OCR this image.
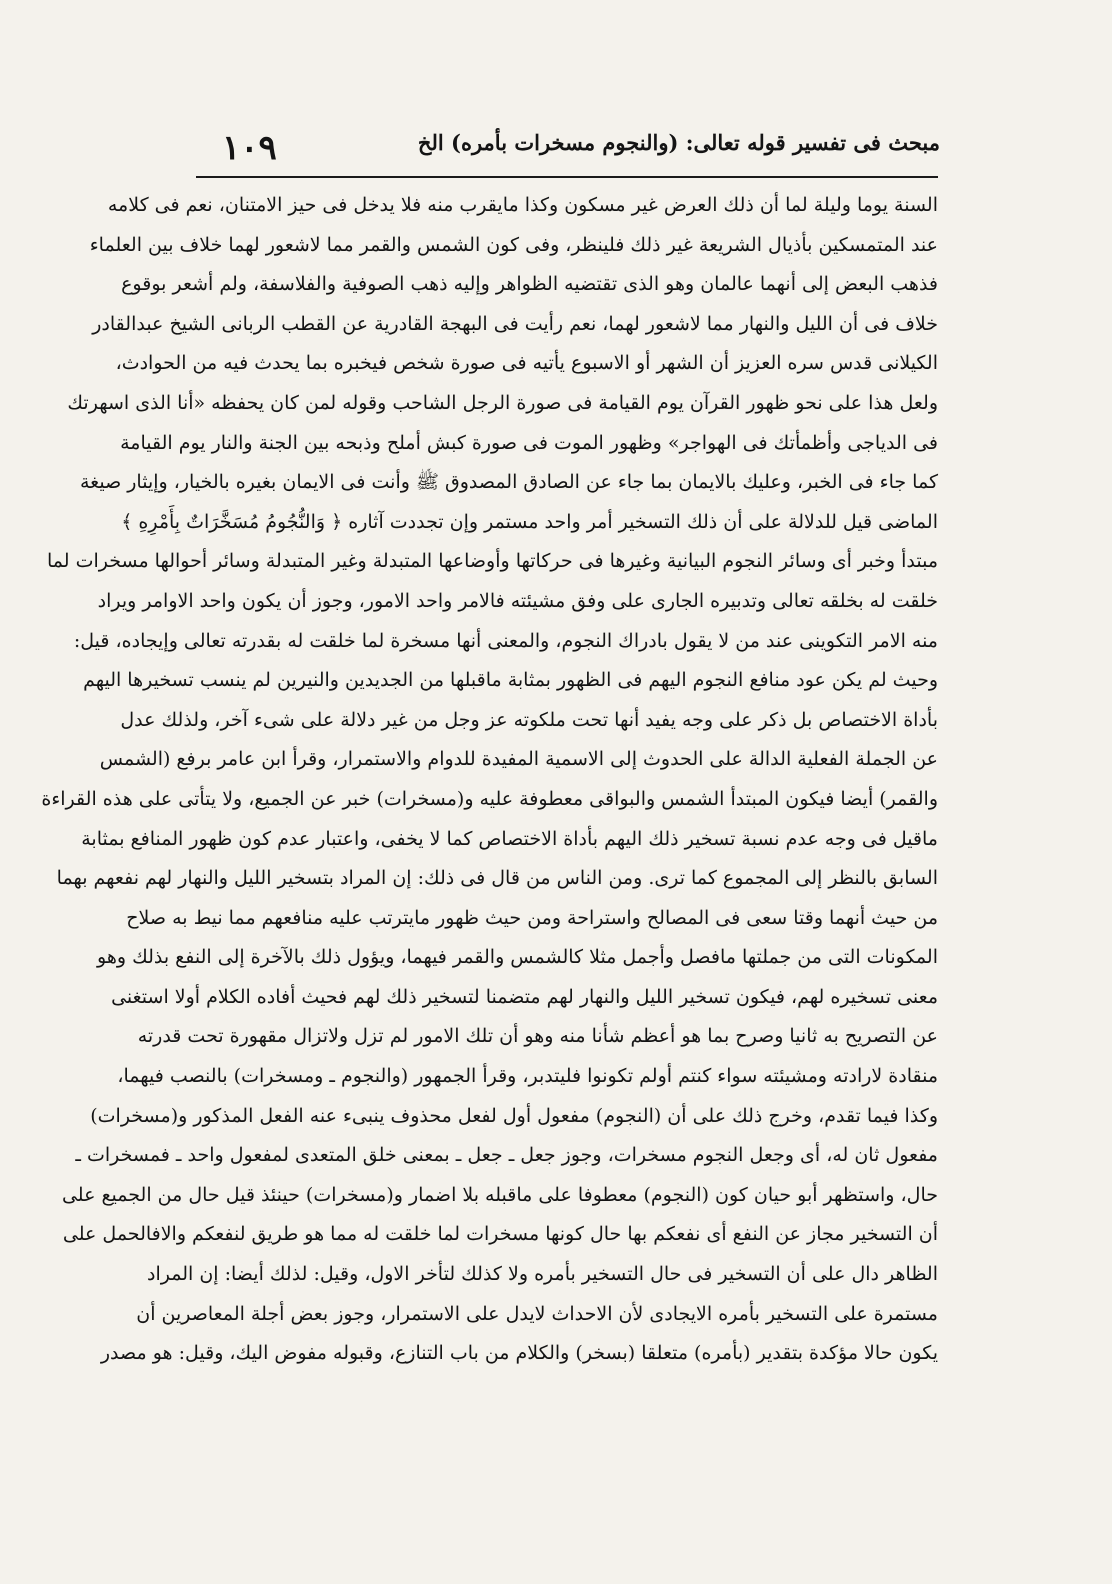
مبحث فى تفسير قوله تعالى: (والنجوم مسخرات بأمره) الخ
١٠٩
السنة يوما وليلة لما أن ذلك العرض غير مسكون وكذا مايقرب منه فلا يدخل فى حيز الامتنان، نعم فى كلامه
عند المتمسكين بأذيال الشريعة غير ذلك فلينظر، وفى كون الشمس والقمر مما لاشعور لهما خلاف بين العلماء
فذهب البعض إلى أنهما عالمان وهو الذى تقتضيه الظواهر وإليه ذهب الصوفية والفلاسفة، ولم أشعر بوقوع
خلاف فى أن الليل والنهار مما لاشعور لهما، نعم رأيت فى البهجة القادرية عن القطب الربانى الشيخ عبدالقادر
الكيلانى قدس سره العزيز أن الشهر أو الاسبوع يأتيه فى صورة شخص فيخبره بما يحدث فيه من الحوادث،
ولعل هذا على نحو ظهور القرآن يوم القيامة فى صورة الرجل الشاحب وقوله لمن كان يحفظه «أنا الذى اسهرتك
فى الدياجى وأظمأتك فى الهواجر» وظهور الموت فى صورة كبش أملح وذبحه بين الجنة والنار يوم القيامة
كما جاء فى الخبر، وعليك بالايمان بما جاء عن الصادق المصدوق ﷺ وأنت فى الايمان بغيره بالخيار، وإيثار صيغة
الماضى قيل للدلالة على أن ذلك التسخير أمر واحد مستمر وإن تجددت آثاره ﴿ وَالنُّجُومُ مُسَخَّرَاتٌ بِأَمْرِهِ ﴾
مبتدأ وخبر أى وسائر النجوم البيانية وغيرها فى حركاتها وأوضاعها المتبدلة وغير المتبدلة وسائر أحوالها مسخرات لما
خلقت له بخلقه تعالى وتدبيره الجارى على وفق مشيئته فالامر واحد الامور، وجوز أن يكون واحد الاوامر ويراد
منه الامر التكوينى عند من لا يقول بادراك النجوم، والمعنى أنها مسخرة لما خلقت له بقدرته تعالى وإيجاده، قيل:
وحيث لم يكن عود منافع النجوم اليهم فى الظهور بمثابة ماقبلها من الجديدين والنيرين لم ينسب تسخيرها اليهم
بأداة الاختصاص بل ذكر على وجه يفيد أنها تحت ملكوته عز وجل من غير دلالة على شىء آخر، ولذلك عدل
عن الجملة الفعلية الدالة على الحدوث إلى الاسمية المفيدة للدوام والاستمرار، وقرأ ابن عامر برفع (الشمس
والقمر) أيضا فيكون المبتدأ الشمس والبواقى معطوفة عليه و(مسخرات) خبر عن الجميع، ولا يتأتى على هذه القراءة
ماقيل فى وجه عدم نسبة تسخير ذلك اليهم بأداة الاختصاص كما لا يخفى، واعتبار عدم كون ظهور المنافع بمثابة
السابق بالنظر إلى المجموع كما ترى. ومن الناس من قال فى ذلك: إن المراد بتسخير الليل والنهار لهم نفعهم بهما
من حيث أنهما وقتا سعى فى المصالح واستراحة ومن حيث ظهور مايترتب عليه منافعهم مما نيط به صلاح
المكونات التى من جملتها مافصل وأجمل مثلا كالشمس والقمر فيهما، ويؤول ذلك بالآخرة إلى النفع بذلك وهو
معنى تسخيره لهم، فيكون تسخير الليل والنهار لهم متضمنا لتسخير ذلك لهم فحيث أفاده الكلام أولا استغنى
عن التصريح به ثانيا وصرح بما هو أعظم شأنا منه وهو أن تلك الامور لم تزل ولاتزال مقهورة تحت قدرته
منقادة لارادته ومشيئته سواء كنتم أولم تكونوا فليتدبر، وقرأ الجمهور (والنجوم ـ ومسخرات) بالنصب فيهما،
وكذا فيما تقدم، وخرج ذلك على أن (النجوم) مفعول أول لفعل محذوف ينبىء عنه الفعل المذكور و(مسخرات)
مفعول ثان له، أى وجعل النجوم مسخرات، وجوز جعل ـ جعل ـ بمعنى خلق المتعدى لمفعول واحد ـ فمسخرات ـ
حال، واستظهر أبو حيان كون (النجوم) معطوفا على ماقبله بلا اضمار و(مسخرات) حينئذ قيل حال من الجميع على
أن التسخير مجاز عن النفع أى نفعكم بها حال كونها مسخرات لما خلقت له مما هو طريق لنفعكم والافالحمل على
الظاهر دال على أن التسخير فى حال التسخير بأمره ولا كذلك لتأخر الاول، وقيل: لذلك أيضا: إن المراد
مستمرة على التسخير بأمره الايجادى لأن الاحداث لايدل على الاستمرار، وجوز بعض أجلة المعاصرين أن
يكون حالا مؤكدة بتقدير (بأمره) متعلقا (بسخر) والكلام من باب التنازع، وقبوله مفوض اليك، وقيل: هو مصدر
